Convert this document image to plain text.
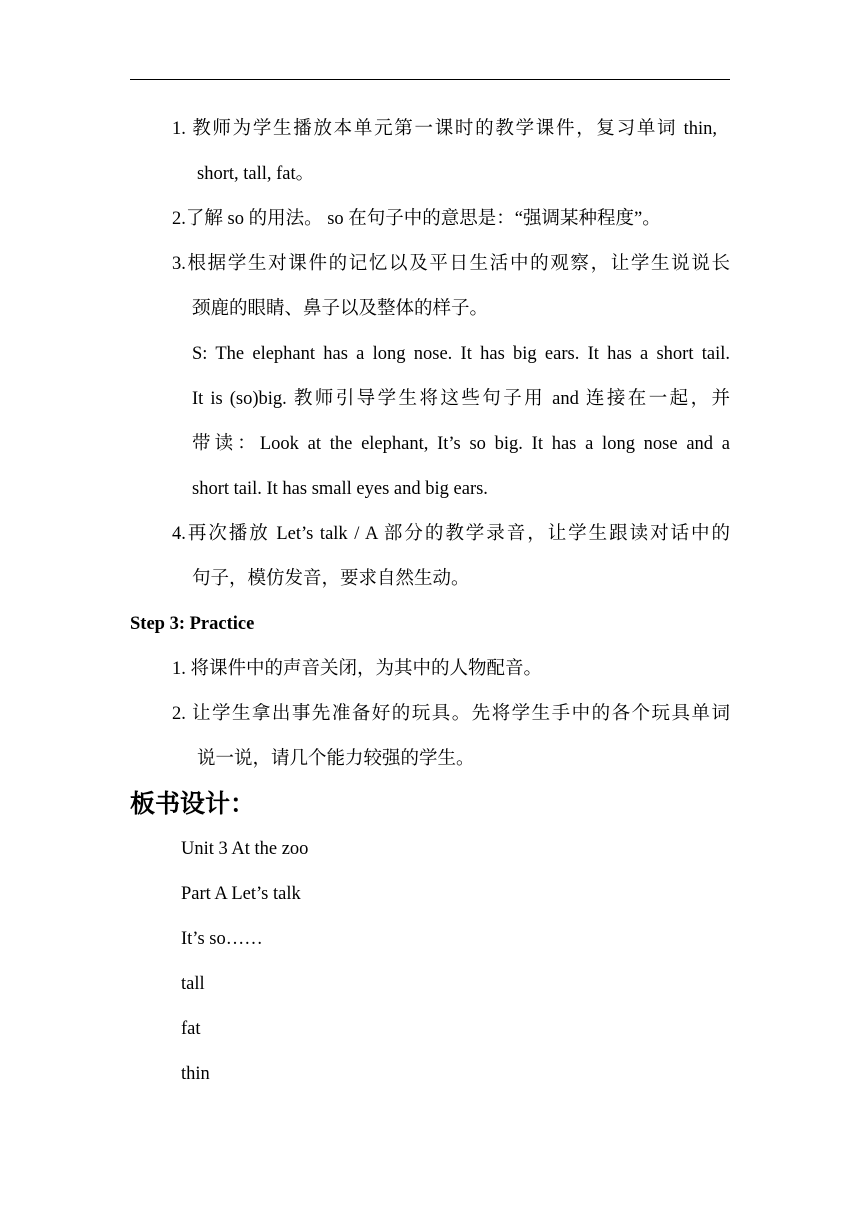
1. 教师为学生播放本单元第一课时的教学课件，复习单词 thin,
short, tall, fat。
2.了解 so 的用法。 so 在句子中的意思是：“强调某种程度”。
3.根据学生对课件的记忆以及平日生活中的观察，让学生说说长
颈鹿的眼睛、鼻子以及整体的样子。
S: The elephant has a long nose. It has big ears. It has a short tail.
It is (so)big. 教师引导学生将这些句子用 and 连接在一起，并
带读：Look at the elephant, It’s so big. It has a long nose and a
short tail. It has small eyes and big ears.
4.再次播放 Let’s talk / A 部分的教学录音，让学生跟读对话中的
句子，模仿发音，要求自然生动。
Step 3: Practice
1. 将课件中的声音关闭，为其中的人物配音。
2. 让学生拿出事先准备好的玩具。先将学生手中的各个玩具单词
说一说，请几个能力较强的学生。
板书设计：
Unit 3 At the zoo
Part A Let’s talk
It’s so……
tall
fat
thin
